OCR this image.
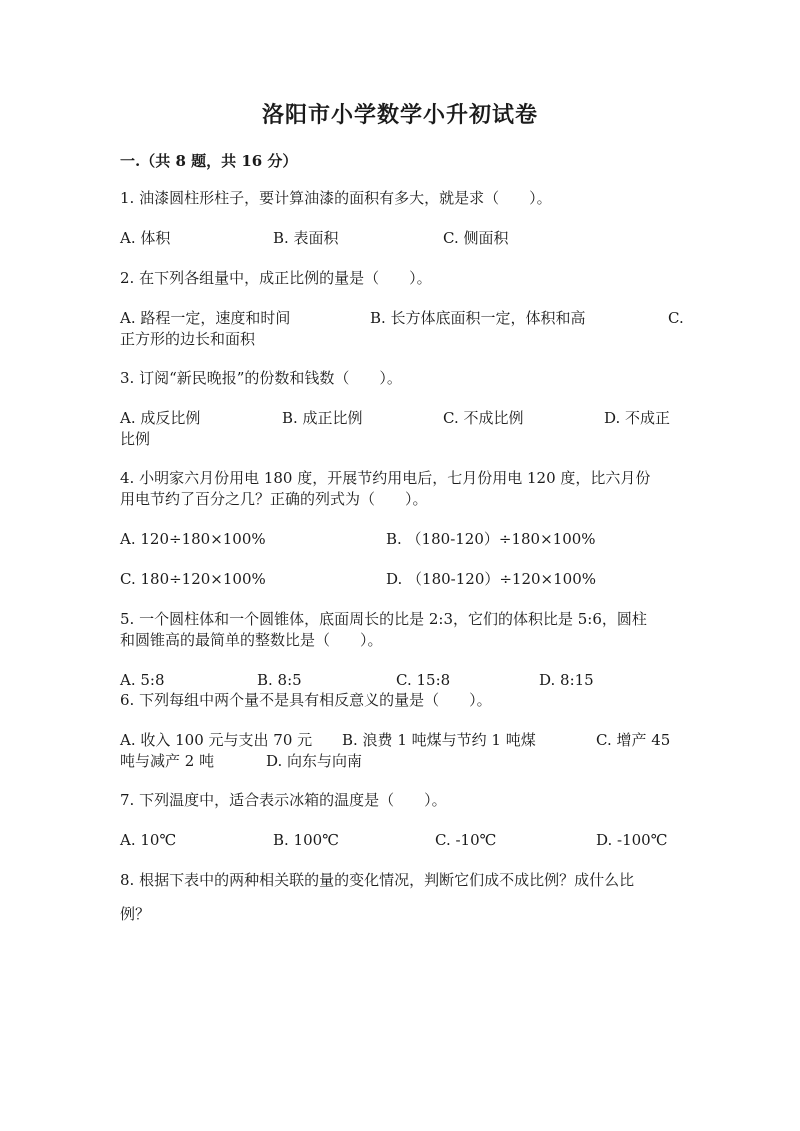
洛阳市小学数学小升初试卷
一.（共 8 题，共 16 分）
1. 油漆圆柱形柱子，要计算油漆的面积有多大，就是求（　　）。
A. 体积	B. 表面积	C. 侧面积
2. 在下列各组量中，成正比例的量是（　　）。
A. 路程一定，速度和时间	B. 长方体底面积一定，体积和高	C.
正方形的边长和面积
3. 订阅“新民晚报”的份数和钱数（　　）。
A. 成反比例	B. 成正比例	C. 不成比例	D. 不成正
比例
4. 小明家六月份用电 180 度，开展节约用电后，七月份用电 120 度，比六月份
用电节约了百分之几？正确的列式为（　　）。
A. 120÷180×100%	B. （180-120）÷180×100%
C. 180÷120×100%	D. （180-120）÷120×100%
5. 一个圆柱体和一个圆锥体，底面周长的比是 2:3，它们的体积比是 5:6，圆柱
和圆锥高的最简单的整数比是（　　）。
A. 5:8	B. 8:5	C. 15:8	D. 8:15
6. 下列每组中两个量不是具有相反意义的量是（　　）。
A. 收入 100 元与支出 70 元 B. 浪费 1 吨煤与节约 1 吨煤	C. 增产 45
吨与减产 2 吨	D. 向东与向南
7. 下列温度中，适合表示冰箱的温度是（　　）。
A. 10℃	B. 100℃	C. -10℃	D. -100℃
8. 根据下表中的两种相关联的量的变化情况，判断它们成不成比例？成什么比
例？
